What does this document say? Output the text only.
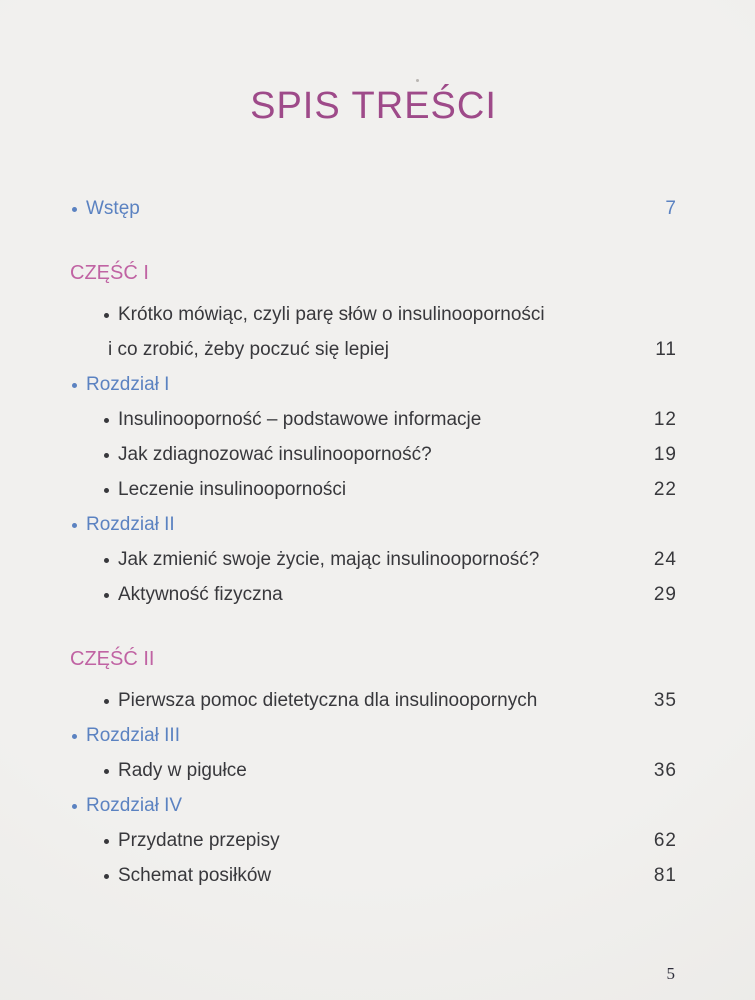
SPIS TREŚCI
Wstęp	7
CZĘŚĆ I
Krótko mówiąc, czyli parę słów o insulinooporności
i co zrobić, żeby poczuć się lepiej	11
Rozdział I
Insulinooporność – podstawowe informacje	12
Jak zdiagnozować insulinooporność?	19
Leczenie insulinooporności	22
Rozdział II
Jak zmienić swoje życie, mając insulinooporność?	24
Aktywność fizyczna	29
CZĘŚĆ II
Pierwsza pomoc dietetyczna dla insulinoopornych	35
Rozdział III
Rady w pigułce	36
Rozdział IV
Przydatne przepisy	62
Schemat posiłków	81
5
